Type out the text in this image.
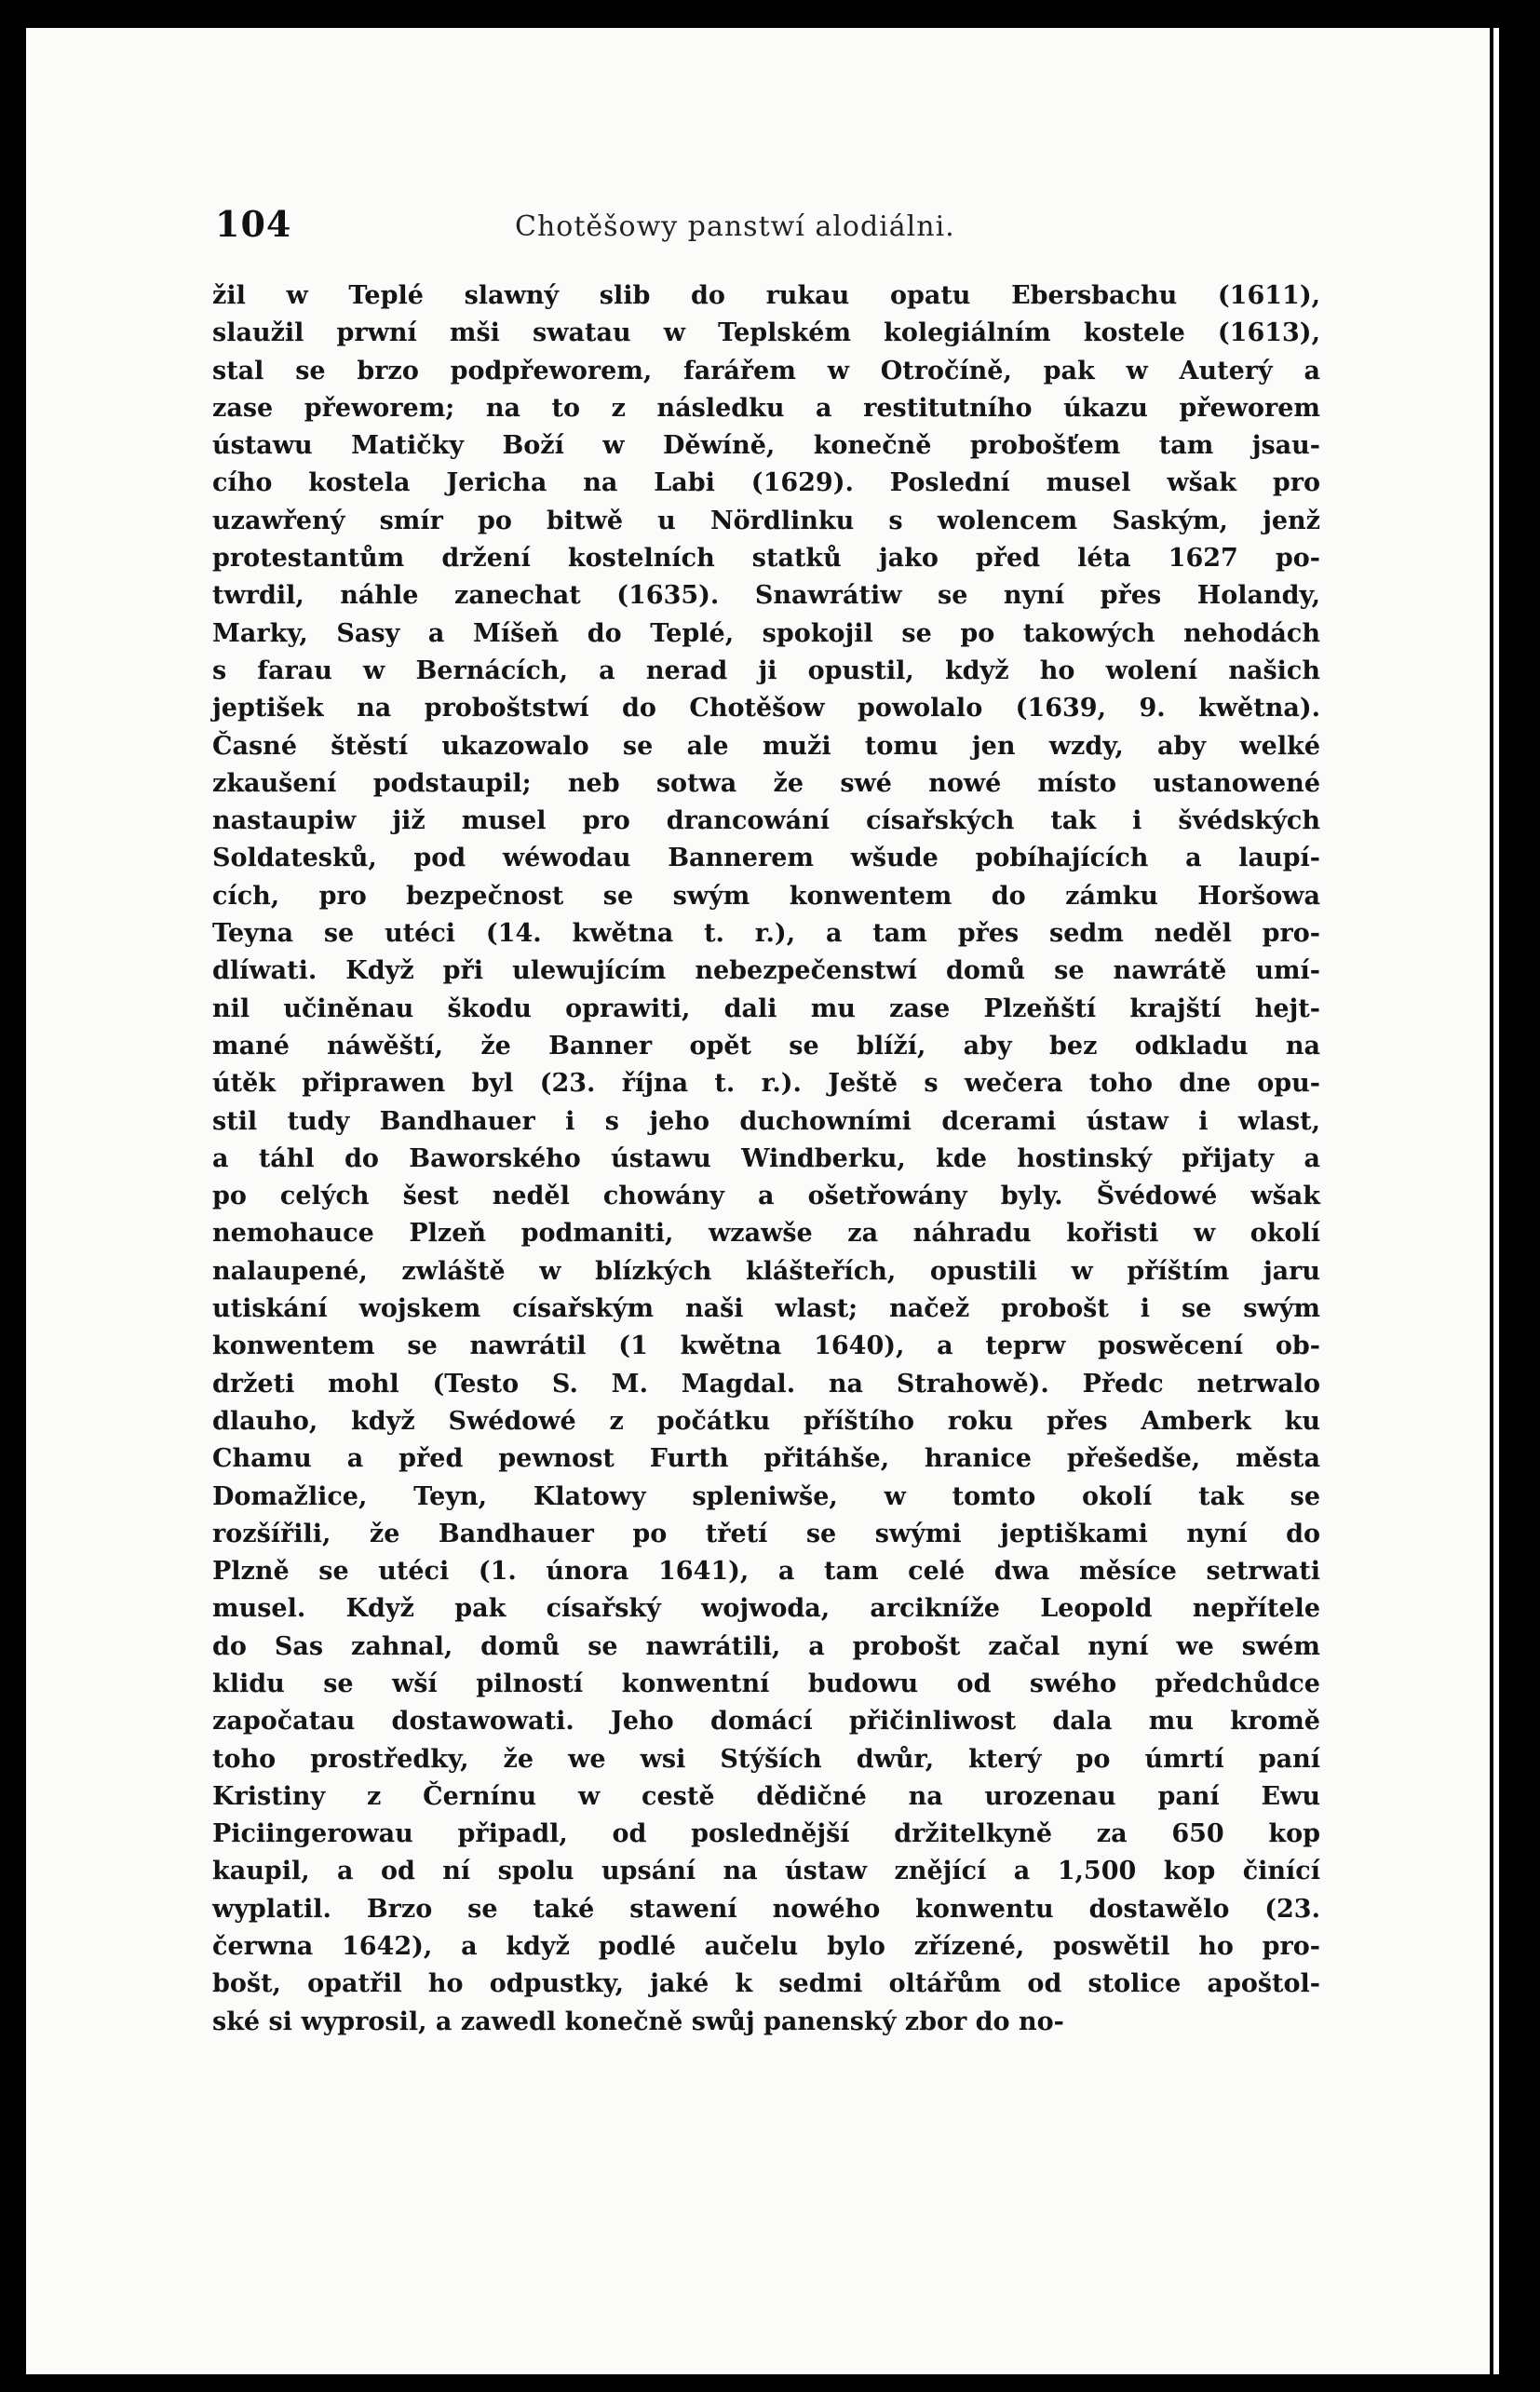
104	Chotěšowy panstwí alodiálni.
žil w Teplé slawný slib do rukau opatu Ebersbachu (1611),
slaužil prwní mši swatau w Teplském kolegiálním kostele (1613),
stal se brzo podpřeworem, farářem w Otročíně, pak w Auterý a
zase přeworem; na to z následku a restitutního úkazu přeworem
ústawu Matičky Boží w Děwíně, konečně probošťem tam jsau-
cího kostela Jericha na Labi (1629). Poslední musel wšak pro
uzawřený smír po bitwě u Nördlinku s wolencem Saským, jenž
protestantům držení kostelních statků jako před léta 1627 po-
twrdil, náhle zanechat (1635). Snawrátiw se nyní přes Holandy,
Marky, Sasy a Míšeň do Teplé, spokojil se po takowých nehodách
s farau w Bernácích, a nerad ji opustil, když ho wolení našich
jeptišek na proboštstwí do Chotěšow powolalo (1639, 9. kwětna).
Časné štěstí ukazowalo se ale muži tomu jen wzdy, aby welké
zkaušení podstaupil; neb sotwa že swé nowé místo ustanowené
nastaupiw již musel pro drancowání císařských tak i švédských
Soldatesků, pod wéwodau Bannerem wšude pobíhajících a laupí-
cích, pro bezpečnost se swým konwentem do zámku Horšowa
Teyna se utéci (14. kwětna t. r.), a tam přes sedm neděl pro-
dlíwati. Když při ulewujícím nebezpečenstwí domů se nawrátě umí-
nil učiněnau škodu oprawiti, dali mu zase Plzeňští krajští hejt-
mané náwěští, že Banner opět se blíží, aby bez odkladu na
útěk připrawen byl (23. října t. r.). Ještě s wečera toho dne opu-
stil tudy Bandhauer i s jeho duchowními dcerami ústaw i wlast,
a táhl do Baworského ústawu Windberku, kde hostinský přijaty a
po celých šest neděl chowány a ošetřowány byly. Švédowé wšak
nemohauce Plzeň podmaniti, wzawše za náhradu kořisti w okolí
nalaupené, zwláště w blízkých klášteřích, opustili w příštím jaru
utiskání wojskem císařským naši wlast; načež probošt i se swým
konwentem se nawrátil (1 kwětna 1640), a teprw poswěcení ob-
držeti mohl (Testo S. M. Magdal. na Strahowě). Předc netrwalo
dlauho, když Swédowé z počátku příštího roku přes Amberk ku
Chamu a před pewnost Furth přitáhše, hranice přešedše, města
Domažlice, Teyn, Klatowy spleniwše, w tomto okolí tak se
rozšířili, že Bandhauer po třetí se swými jeptiškami nyní do
Plzně se utéci (1. února 1641), a tam celé dwa měsíce setrwati
musel. Když pak císařský wojwoda, arcikníže Leopold nepřítele
do Sas zahnal, domů se nawrátili, a probošt začal nyní we swém
klidu se wší pilností konwentní budowu od swého předchůdce
započatau dostawowati. Jeho domácí přičinliwost dala mu kromě
toho prostředky, že we wsi Stýších dwůr, který po úmrtí paní
Kristiny z Černínu w cestě dědičné na urozenau paní Ewu
Piciingerowau připadl, od poslednější držitelkyně za 650 kop
kaupil, a od ní spolu upsání na ústaw znějící a 1,500 kop činící
wyplatil. Brzo se také stawení nowého konwentu dostawělo (23.
čerwna 1642), a když podlé aučelu bylo zřízené, poswětil ho pro-
bošt, opatřil ho odpustky, jaké k sedmi oltářům od stolice apoštol-
ské si wyprosil, a zawedl konečně swůj panenský zbor do no-
